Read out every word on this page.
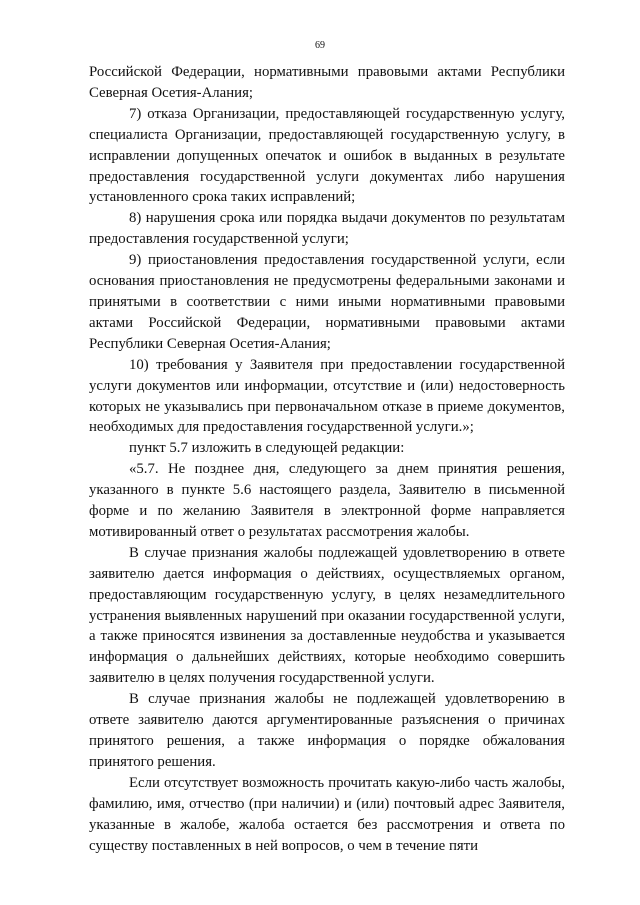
69

Российской Федерации, нормативными правовыми актами Республики Северная Осетия-Алания;

7) отказа Организации, предоставляющей государственную услугу, специалиста Организации, предоставляющей государственную услугу, в исправлении допущенных опечаток и ошибок в выданных в результате предоставления государственной услуги документах либо нарушения установленного срока таких исправлений;

8) нарушения срока или порядка выдачи документов по результатам предоставления государственной услуги;

9) приостановления предоставления государственной услуги, если основания приостановления не предусмотрены федеральными законами и принятыми в соответствии с ними иными нормативными правовыми актами Российской Федерации, нормативными правовыми актами Республики Северная Осетия-Алания;

10) требования у Заявителя при предоставлении государственной услуги документов или информации, отсутствие и (или) недостоверность которых не указывались при первоначальном отказе в приеме документов, необходимых для предоставления государственной услуги.»;

пункт 5.7 изложить в следующей редакции:

«5.7. Не позднее дня, следующего за днем принятия решения, указанного в пункте 5.6 настоящего раздела, Заявителю в письменной форме и по желанию Заявителя в электронной форме направляется мотивированный ответ о результатах рассмотрения жалобы.

В случае признания жалобы подлежащей удовлетворению в ответе заявителю дается информация о действиях, осуществляемых органом, предоставляющим государственную услугу, в целях незамедлительного устранения выявленных нарушений при оказании государственной услуги, а также приносятся извинения за доставленные неудобства и указывается информация о дальнейших действиях, которые необходимо совершить заявителю в целях получения государственной услуги.

В случае признания жалобы не подлежащей удовлетворению в ответе заявителю даются аргументированные разъяснения о причинах принятого решения, а также информация о порядке обжалования принятого решения.

Если отсутствует возможность прочитать какую-либо часть жалобы, фамилию, имя, отчество (при наличии) и (или) почтовый адрес Заявителя, указанные в жалобе, жалоба остается без рассмотрения и ответа по существу поставленных в ней вопросов, о чем в течение пяти
